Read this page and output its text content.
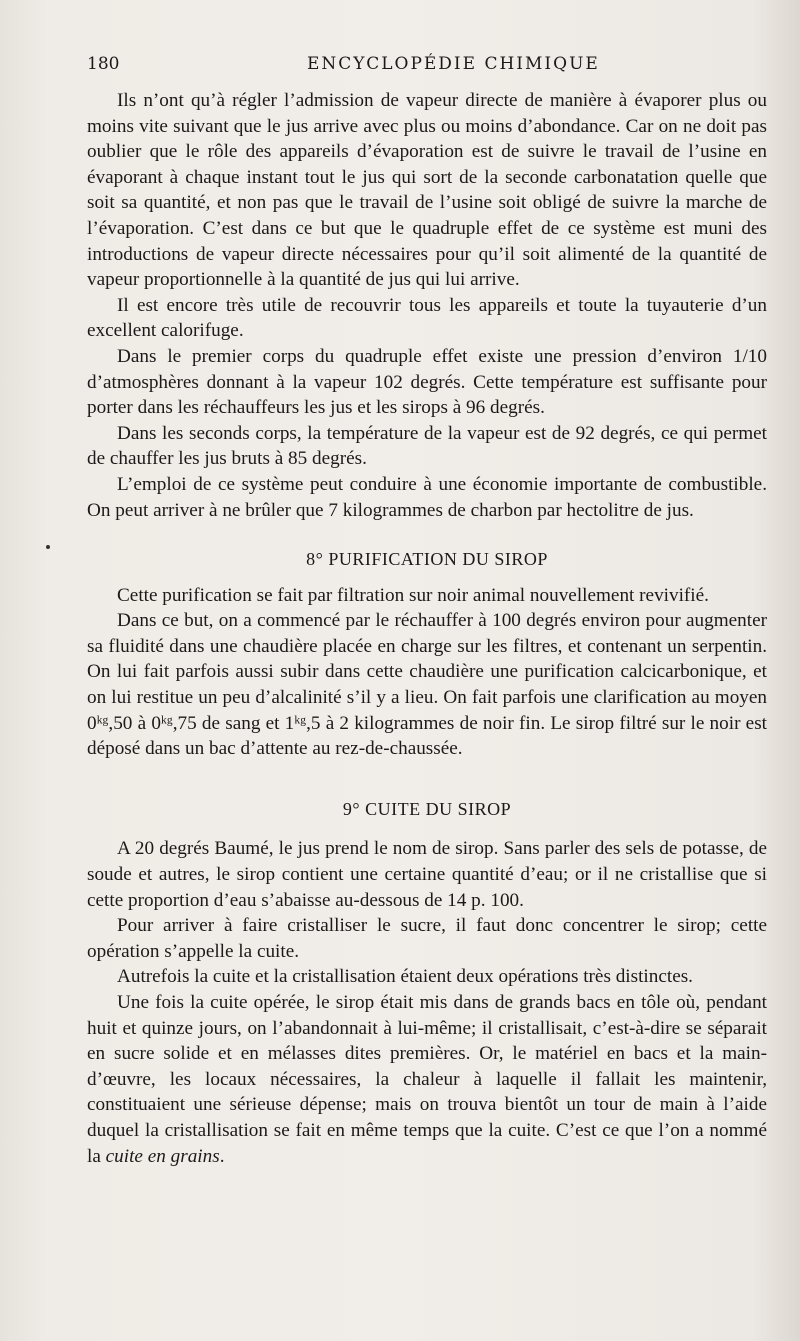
180	ENCYCLOPÉDIE CHIMIQUE

Ils n’ont qu’à régler l’admission de vapeur directe de manière à évaporer plus ou moins vite suivant que le jus arrive avec plus ou moins d’abondance. Car on ne doit pas oublier que le rôle des appareils d’évaporation est de suivre le travail de l’usine en évaporant à chaque instant tout le jus qui sort de la seconde carbonatation quelle que soit sa quantité, et non pas que le travail de l’usine soit obligé de suivre la marche de l’évaporation. C’est dans ce but que le quadruple effet de ce système est muni des introductions de vapeur directe nécessaires pour qu’il soit alimenté de la quantité de vapeur proportionnelle à la quantité de jus qui lui arrive.

Il est encore très utile de recouvrir tous les appareils et toute la tuyauterie d’un excellent calorifuge.

Dans le premier corps du quadruple effet existe une pression d’environ 1/10 d’atmosphères donnant à la vapeur 102 degrés. Cette température est suffisante pour porter dans les réchauffeurs les jus et les sirops à 96 degrés.

Dans les seconds corps, la température de la vapeur est de 92 degrés, ce qui permet de chauffer les jus bruts à 85 degrés.

L’emploi de ce système peut conduire à une économie importante de combustible. On peut arriver à ne brûler que 7 kilogrammes de charbon par hectolitre de jus.

8° PURIFICATION DU SIROP

Cette purification se fait par filtration sur noir animal nouvellement revivifié.

Dans ce but, on a commencé par le réchauffer à 100 degrés environ pour augmenter sa fluidité dans une chaudière placée en charge sur les filtres, et contenant un serpentin. On lui fait parfois aussi subir dans cette chaudière une purification calcicarbonique, et on lui restitue un peu d’alcalinité s’il y a lieu. On fait parfois une clarification au moyen 0ᵏᵍ,50 à 0ᵏᵍ,75 de sang et 1ᵏᵍ,5 à 2 kilogrammes de noir fin. Le sirop filtré sur le noir est déposé dans un bac d’attente au rez-de-chaussée.

9° CUITE DU SIROP

A 20 degrés Baumé, le jus prend le nom de sirop. Sans parler des sels de potasse, de soude et autres, le sirop contient une certaine quantité d’eau; or il ne cristallise que si cette proportion d’eau s’abaisse au-dessous de 14 p. 100.

Pour arriver à faire cristalliser le sucre, il faut donc concentrer le sirop; cette opération s’appelle la cuite.

Autrefois la cuite et la cristallisation étaient deux opérations très distinctes.

Une fois la cuite opérée, le sirop était mis dans de grands bacs en tôle où, pendant huit et quinze jours, on l’abandonnait à lui-même; il cristallisait, c’est-à-dire se séparait en sucre solide et en mélasses dites premières. Or, le matériel en bacs et la main-d’œuvre, les locaux nécessaires, la chaleur à laquelle il fallait les maintenir, constituaient une sérieuse dépense; mais on trouva bientôt un tour de main à l’aide duquel la cristallisation se fait en même temps que la cuite. C’est ce que l’on a nommé la cuite en grains.
